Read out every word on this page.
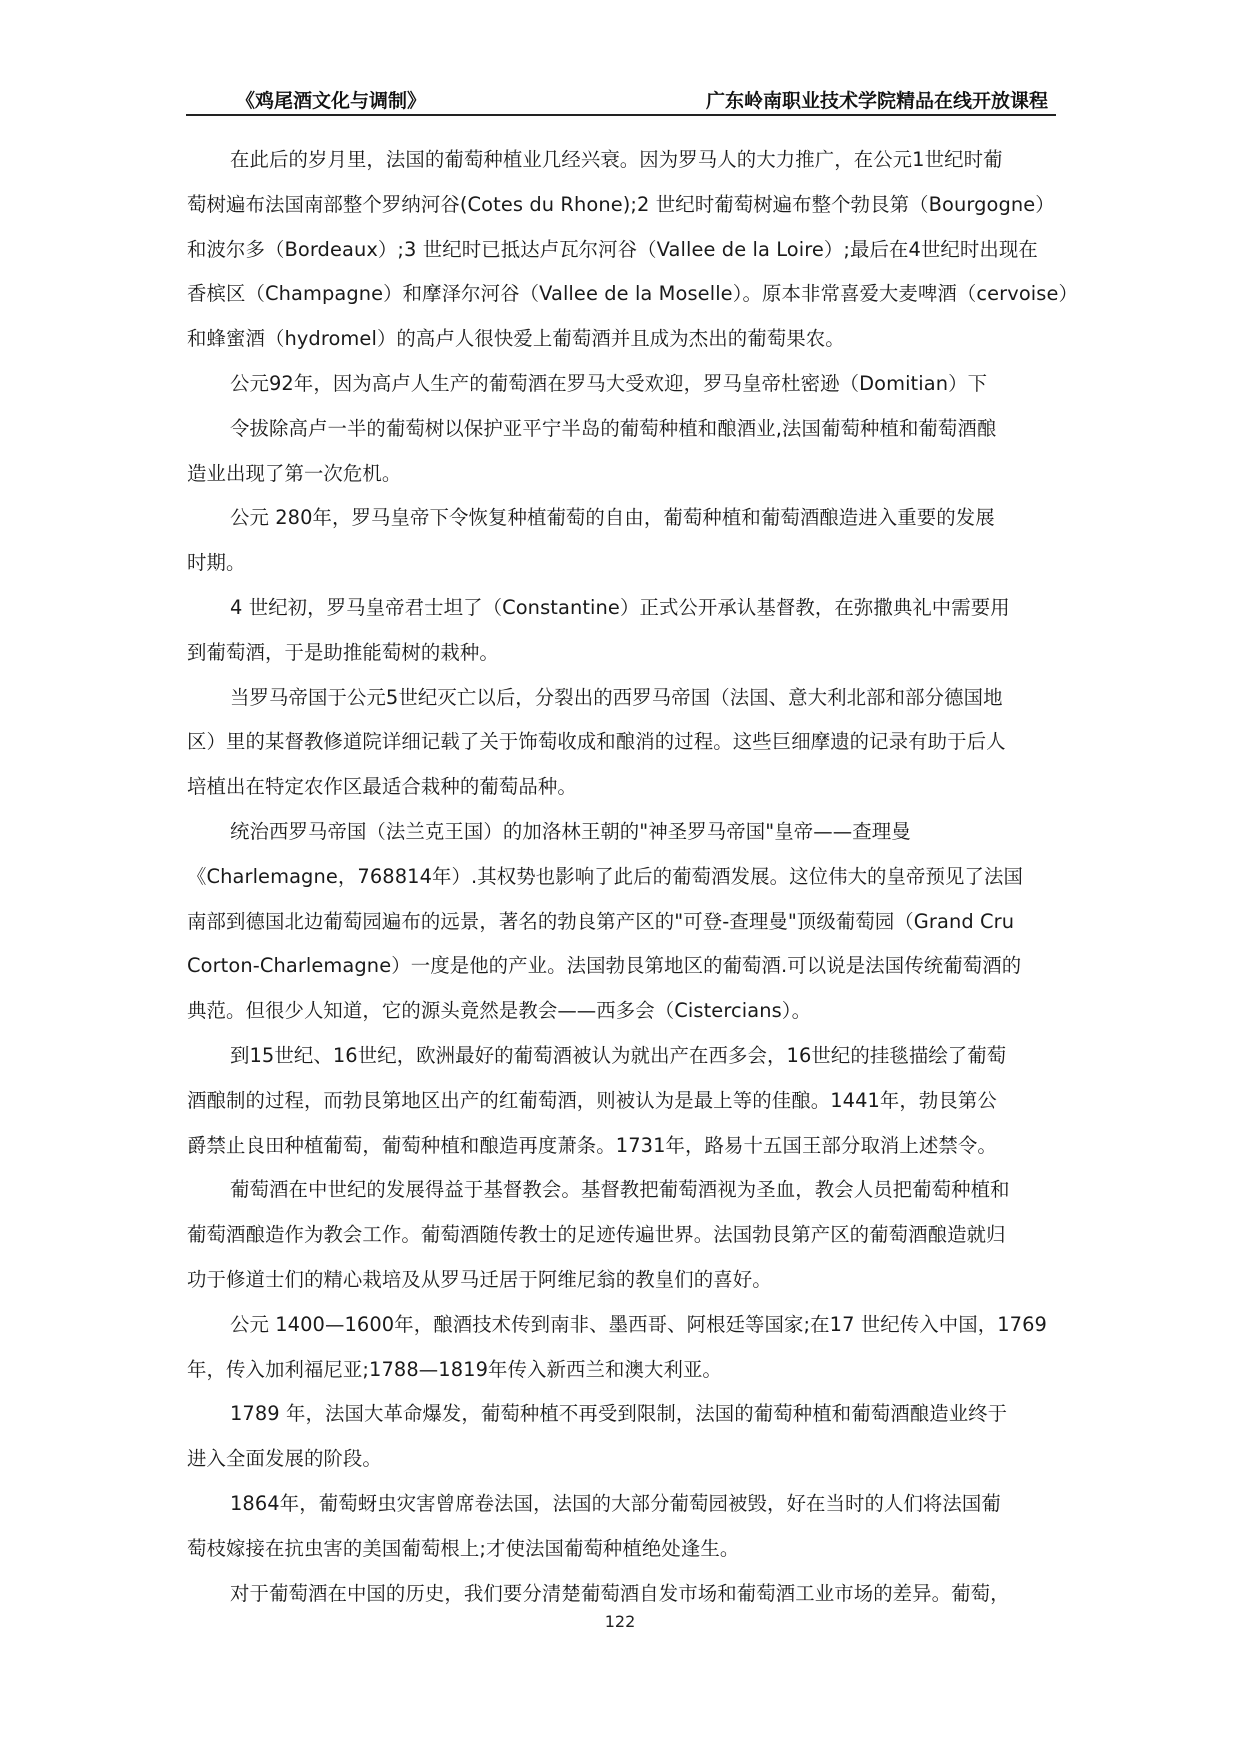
《鸡尾酒文化与调制》	广东岭南职业技术学院精品在线开放课程
在此后的岁月里，法国的葡萄种植业几经兴衰。因为罗马人的大力推广，在公元1世纪时葡
萄树遍布法国南部整个罗纳河谷(Cotes du Rhone);2 世纪时葡萄树遍布整个勃艮第（Bourgogne）
和波尔多（Bordeaux）;3 世纪时已抵达卢瓦尔河谷（Vallee de la Loire）;最后在4世纪时出现在
香槟区（Champagne）和摩泽尔河谷（Vallee de la Moselle）。原本非常喜爱大麦啤酒（cervoise）
和蜂蜜酒（hydromel）的高卢人很快爱上葡萄酒并且成为杰出的葡萄果农。
公元92年，因为高卢人生产的葡萄酒在罗马大受欢迎，罗马皇帝杜密逊（Domitian）下
令拔除高卢一半的葡萄树以保护亚平宁半岛的葡萄种植和酿酒业,法国葡萄种植和葡萄酒酿
造业出现了第一次危机。
公元 280年，罗马皇帝下令恢复种植葡萄的自由，葡萄种植和葡萄酒酿造进入重要的发展
时期。
4 世纪初，罗马皇帝君士坦了（Constantine）正式公开承认基督教，在弥撒典礼中需要用
到葡萄酒，于是助推能萄树的栽种。
当罗马帝国于公元5世纪灭亡以后，分裂出的西罗马帝国（法国、意大利北部和部分德国地
区）里的某督教修道院详细记载了关于饰萄收成和酿消的过程。这些巨细摩遗的记录有助于后人
培植出在特定农作区最适合栽种的葡萄品种。
统治西罗马帝国（法兰克王国）的加洛林王朝的"神圣罗马帝国"皇帝——查理曼
《Charlemagne，768814年）.其权势也影响了此后的葡萄酒发展。这位伟大的皇帝预见了法国
南部到德国北边葡萄园遍布的远景，著名的勃良第产区的"可登-查理曼"顶级葡萄园（Grand Cru
Corton-Charlemagne）一度是他的产业。法国勃艮第地区的葡萄酒.可以说是法国传统葡萄酒的
典范。但很少人知道，它的源头竟然是教会——西多会（Cistercians）。
到15世纪、16世纪，欧洲最好的葡萄酒被认为就出产在西多会，16世纪的挂毯描绘了葡萄
酒酿制的过程，而勃艮第地区出产的红葡萄酒，则被认为是最上等的佳酿。1441年，勃艮第公
爵禁止良田种植葡萄，葡萄种植和酿造再度萧条。1731年，路易十五国王部分取消上述禁令。
葡萄酒在中世纪的发展得益于基督教会。基督教把葡萄酒视为圣血，教会人员把葡萄种植和
葡萄酒酿造作为教会工作。葡萄酒随传教士的足迹传遍世界。法国勃艮第产区的葡萄酒酿造就归
功于修道士们的精心栽培及从罗马迁居于阿维尼翁的教皇们的喜好。
公元 1400—1600年，酿酒技术传到南非、墨西哥、阿根廷等国家;在17 世纪传入中国，1769
年，传入加利福尼亚;1788—1819年传入新西兰和澳大利亚。
1789 年，法国大革命爆发，葡萄种植不再受到限制，法国的葡萄种植和葡萄酒酿造业终于
进入全面发展的阶段。
1864年，葡萄蚜虫灾害曾席卷法国，法国的大部分葡萄园被毁，好在当时的人们将法国葡
萄枝嫁接在抗虫害的美国葡萄根上;才使法国葡萄种植绝处逢生。
对于葡萄酒在中国的历史，我们要分清楚葡萄酒自发市场和葡萄酒工业市场的差异。葡萄，
122
